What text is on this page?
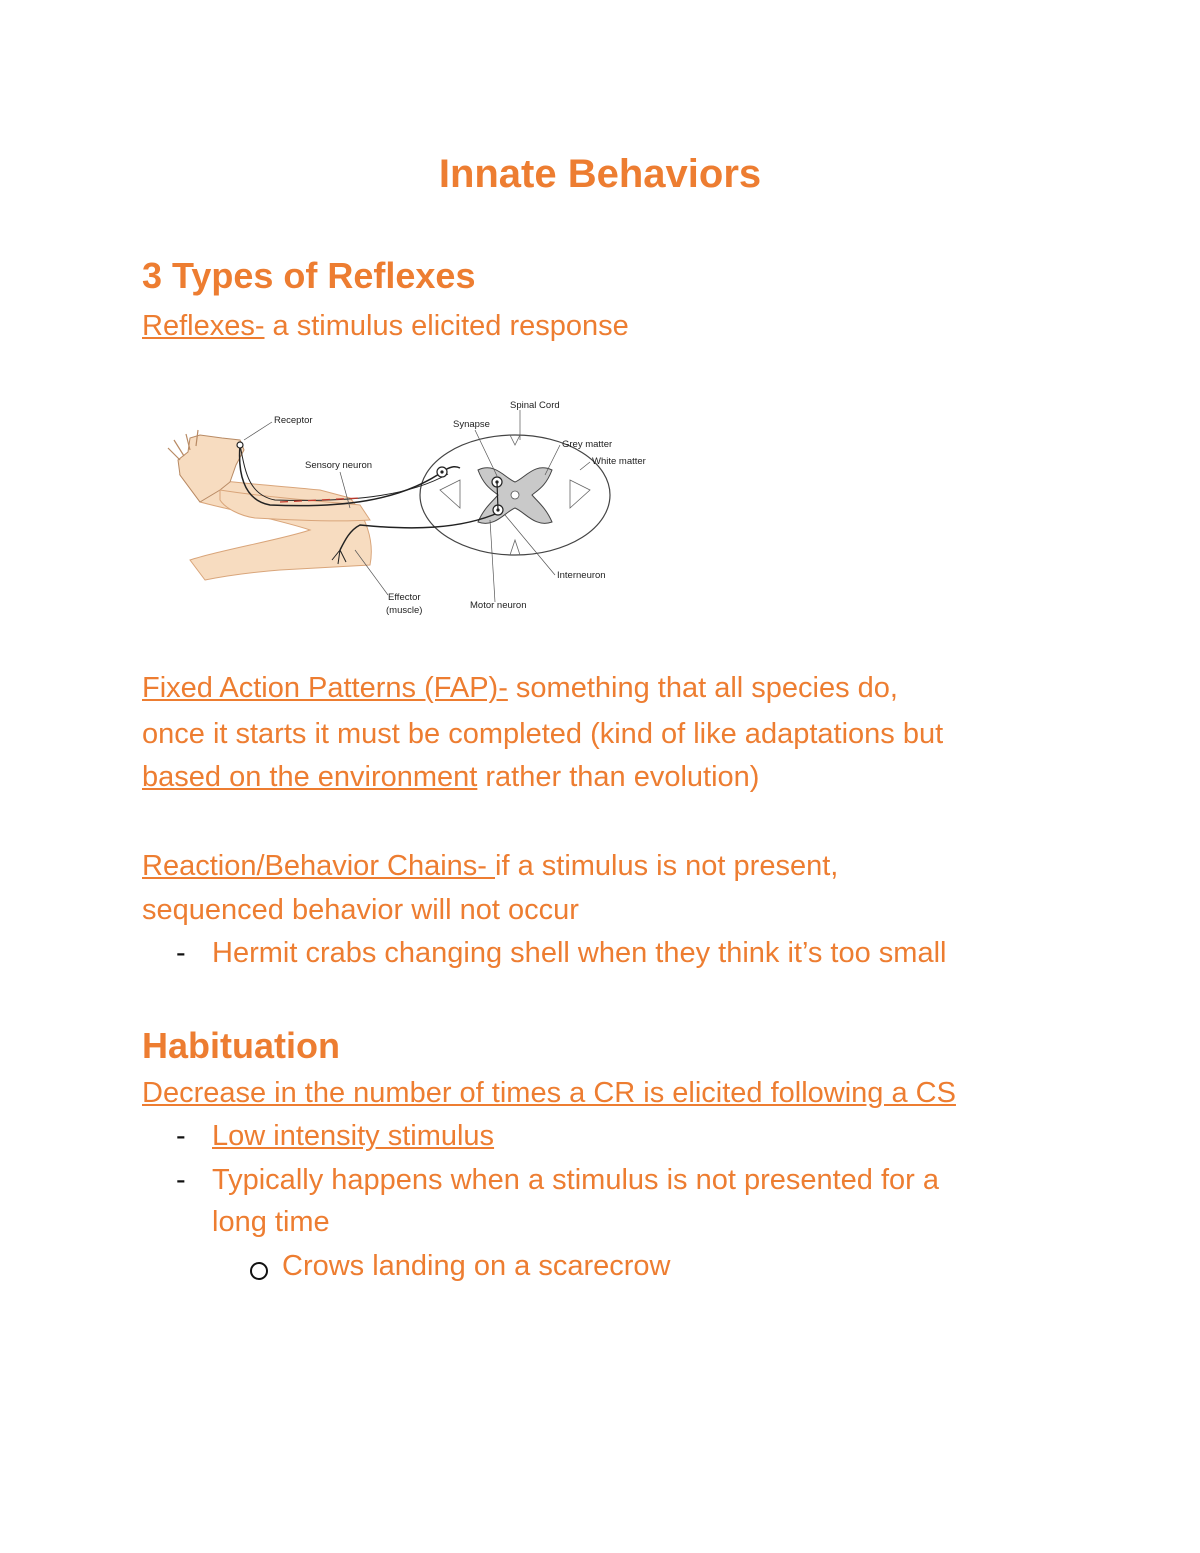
Innate Behaviors
3 Types of Reflexes
Reflexes- a stimulus elicited response
Receptor
Sensory neuron
Synapse
Spinal Cord
Grey matter
White matter
Interneuron
Motor neuron
Effector
(muscle)
Fixed Action Patterns (FAP)- something that all species do,
once it starts it must be completed (kind of like adaptations but
based on the environment rather than evolution)
Reaction/Behavior Chains- if a stimulus is not present,
sequenced behavior will not occur
- Hermit crabs changing shell when they think it’s too small
Habituation
Decrease in the number of times a CR is elicited following a CS
- Low intensity stimulus
- Typically happens when a stimulus is not presented for a
long time
Crows landing on a scarecrow
